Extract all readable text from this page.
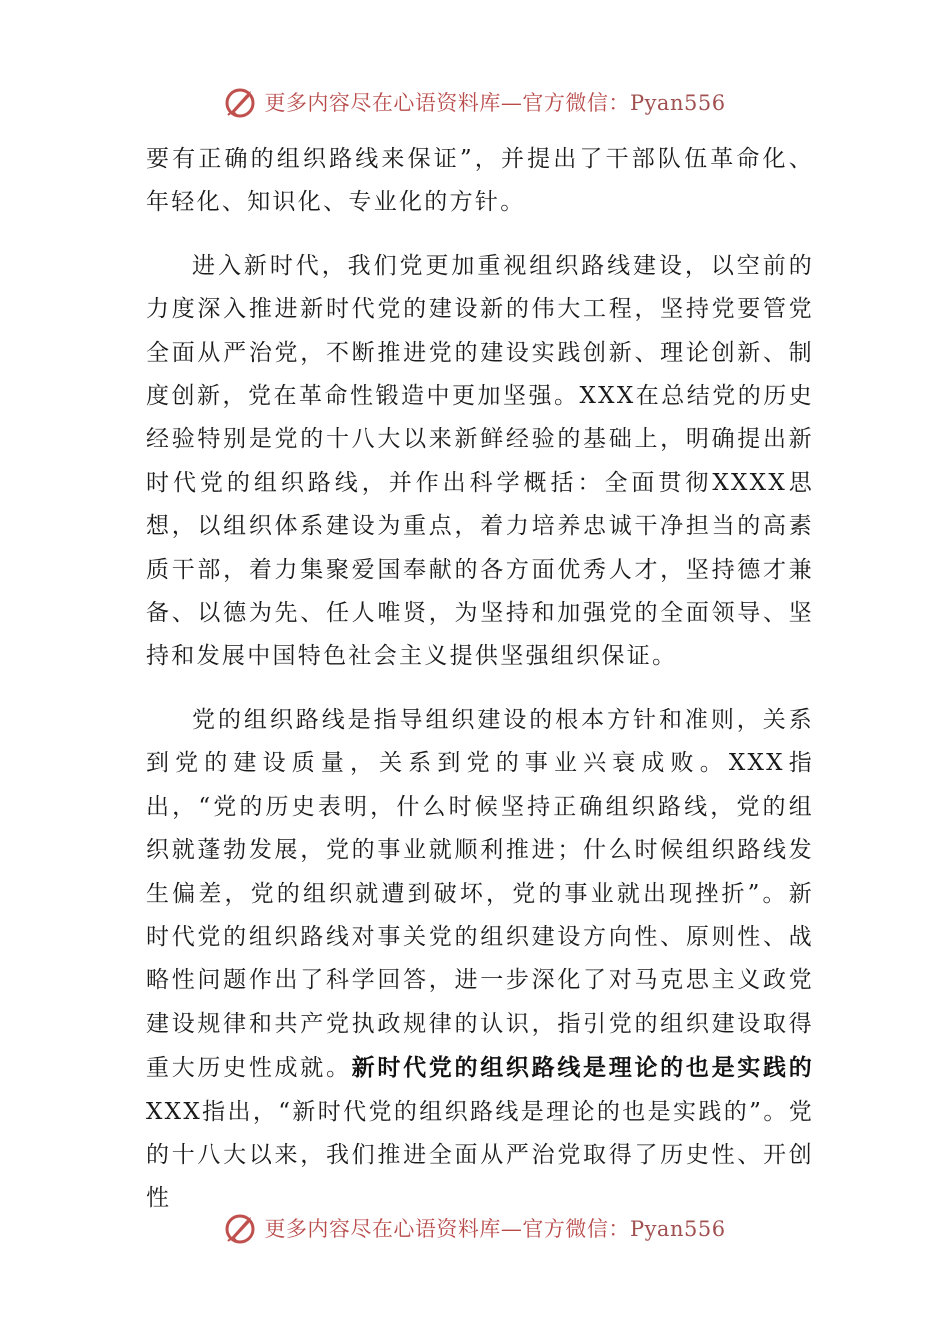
更多内容尽在心语资料库—官方微信：Pyan556

要有正确的组织路线来保证”，并提出了干部队伍革命化、年轻化、知识化、专业化的方针。

进入新时代，我们党更加重视组织路线建设，以空前的力度深入推进新时代党的建设新的伟大工程，坚持党要管党全面从严治党，不断推进党的建设实践创新、理论创新、制度创新，党在革命性锻造中更加坚强。XXX在总结党的历史经验特别是党的十八大以来新鲜经验的基础上，明确提出新时代党的组织路线，并作出科学概括：全面贯彻XXXX思想，以组织体系建设为重点，着力培养忠诚干净担当的高素质干部，着力集聚爱国奉献的各方面优秀人才，坚持德才兼备、以德为先、任人唯贤，为坚持和加强党的全面领导、坚持和发展中国特色社会主义提供坚强组织保证。

党的组织路线是指导组织建设的根本方针和准则，关系到党的建设质量，关系到党的事业兴衰成败。XXX指出，“党的历史表明，什么时候坚持正确组织路线，党的组织就蓬勃发展，党的事业就顺利推进；什么时候组织路线发生偏差，党的组织就遭到破坏，党的事业就出现挫折”。新时代党的组织路线对事关党的组织建设方向性、原则性、战略性问题作出了科学回答，进一步深化了对马克思主义政党建设规律和共产党执政规律的认识，指引党的组织建设取得重大历史性成就。新时代党的组织路线是理论的也是实践的XXX指出，“新时代党的组织路线是理论的也是实践的”。党的十八大以来，我们推进全面从严治党取得了历史性、开创性

更多内容尽在心语资料库—官方微信：Pyan556
